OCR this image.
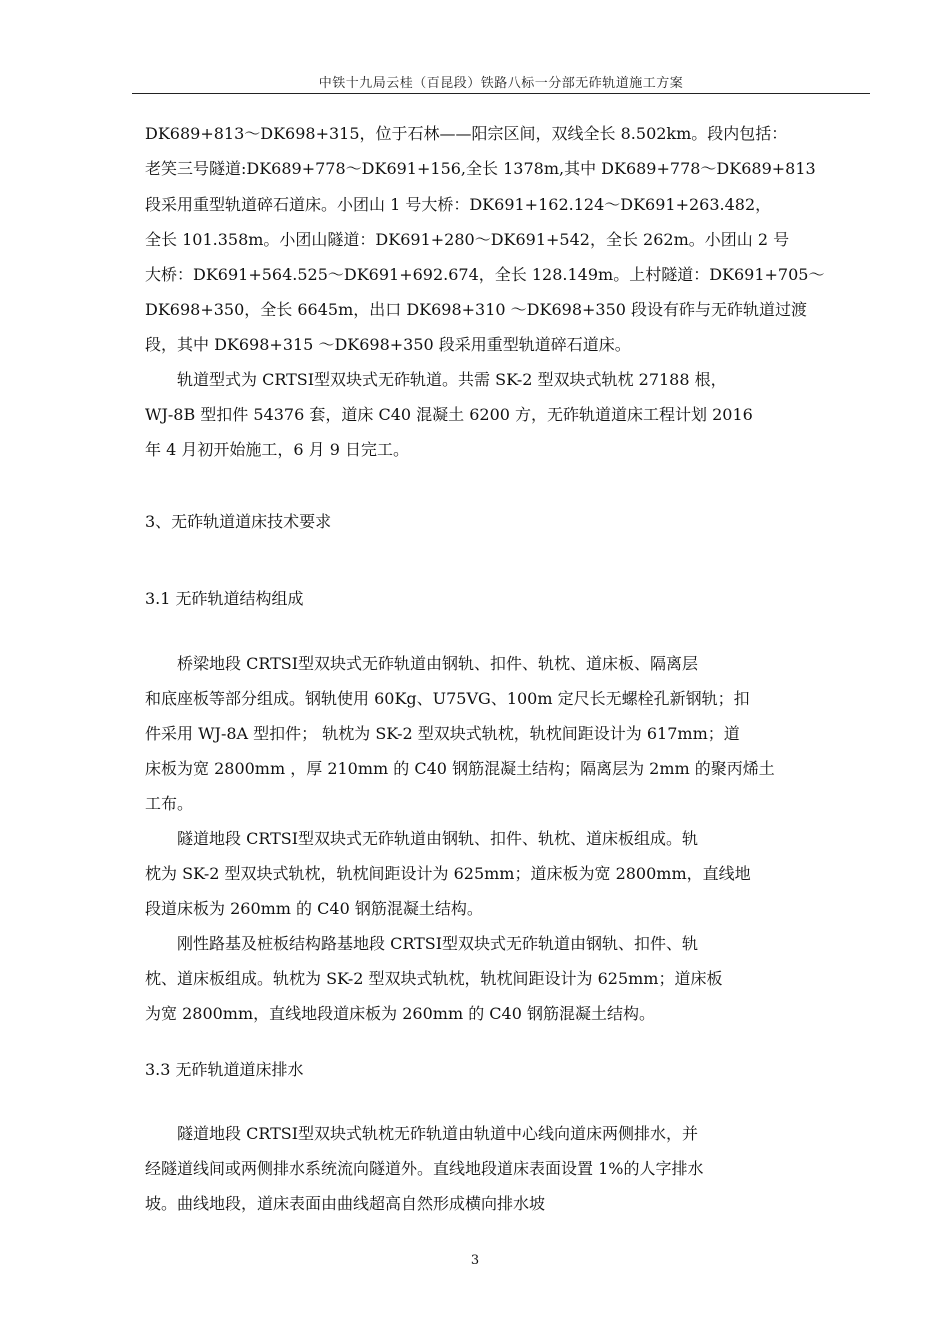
中铁十九局云桂（百昆段）铁路八标一分部无砟轨道施工方案
DK689+813～DK698+315，位于石林——阳宗区间，双线全长 8.502km。段内包括：
老笑三号隧道:DK689+778～DK691+156,全长 1378m,其中 DK689+778～DK689+813
段采用重型轨道碎石道床。小团山 1 号大桥：DK691+162.124～DK691+263.482，
全长 101.358m。小团山隧道：DK691+280～DK691+542，全长 262m。小团山 2 号
大桥：DK691+564.525～DK691+692.674，全长 128.149m。上村隧道：DK691+705～
DK698+350，全长 6645m，出口 DK698+310 ～DK698+350 段设有砟与无砟轨道过渡
段，其中 DK698+315 ～DK698+350 段采用重型轨道碎石道床。
　　轨道型式为 CRTSⅠ型双块式无砟轨道。共需 SK-2 型双块式轨枕 27188 根，
WJ-8B 型扣件 54376 套，道床 C40 混凝土 6200 方，无砟轨道道床工程计划 2016
年 4 月初开始施工，6 月 9 日完工。
3、无砟轨道道床技术要求
3.1 无砟轨道结构组成
　　桥梁地段 CRTSⅠ型双块式无砟轨道由钢轨、扣件、轨枕、道床板、隔离层
和底座板等部分组成。钢轨使用 60Kg、U75VG、100m 定尺长无螺栓孔新钢轨；扣
件采用 WJ-8A 型扣件； 轨枕为 SK-2 型双块式轨枕，轨枕间距设计为 617mm；道
床板为宽 2800mm ，厚 210mm 的 C40 钢筋混凝土结构；隔离层为 2mm 的聚丙烯土
工布。
　　隧道地段 CRTSⅠ型双块式无砟轨道由钢轨、扣件、轨枕、道床板组成。轨
枕为 SK-2 型双块式轨枕，轨枕间距设计为 625mm；道床板为宽 2800mm，直线地
段道床板为 260mm 的 C40 钢筋混凝土结构。
　　刚性路基及桩板结构路基地段 CRTSⅠ型双块式无砟轨道由钢轨、扣件、轨
枕、道床板组成。轨枕为 SK-2 型双块式轨枕，轨枕间距设计为 625mm；道床板
为宽 2800mm，直线地段道床板为 260mm 的 C40 钢筋混凝土结构。
3.3 无砟轨道道床排水
　　隧道地段 CRTSⅠ型双块式轨枕无砟轨道由轨道中心线向道床两侧排水，并
经隧道线间或两侧排水系统流向隧道外。直线地段道床表面设置 1%的人字排水
坡。曲线地段，道床表面由曲线超高自然形成横向排水坡
3
